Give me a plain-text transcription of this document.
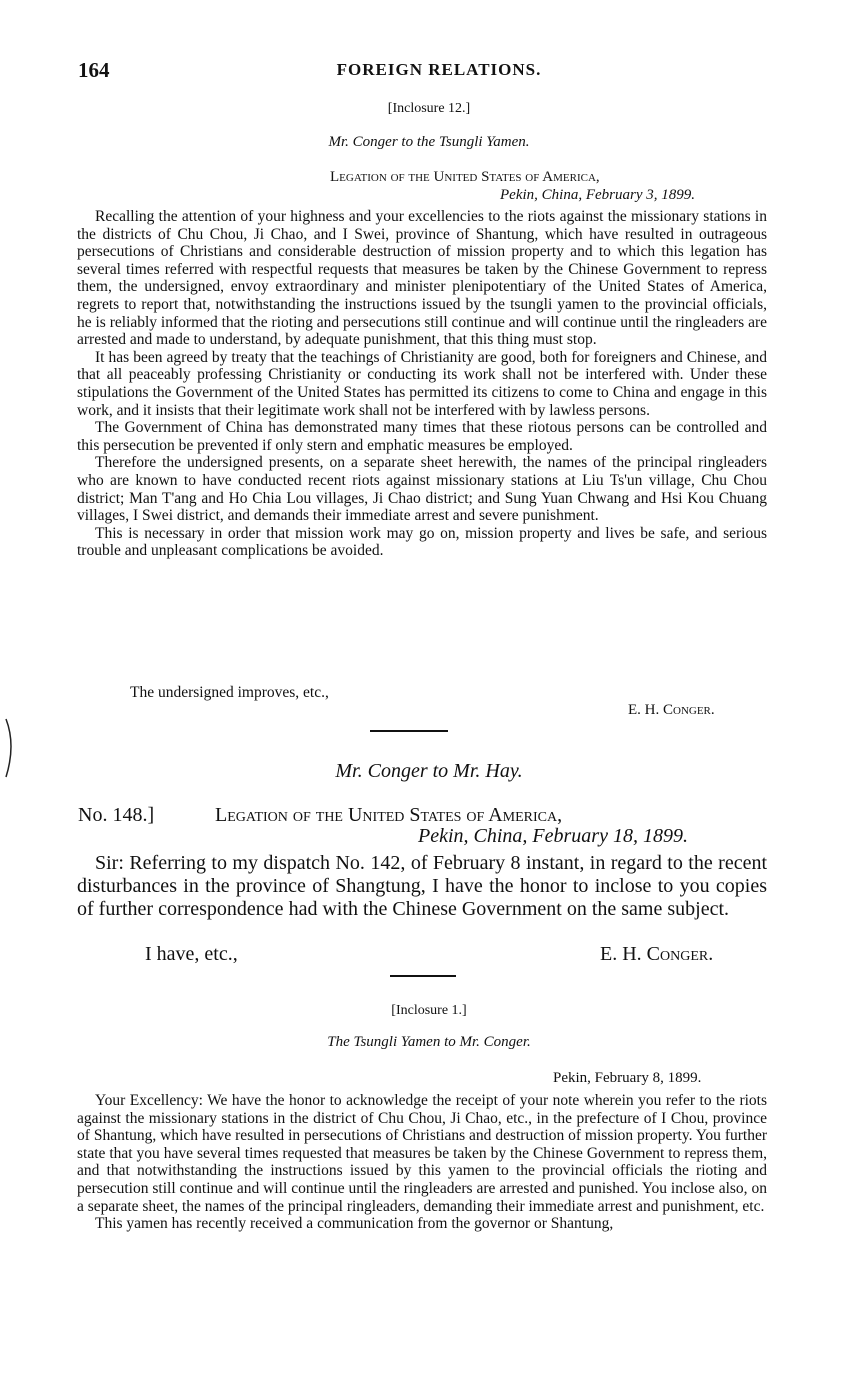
164	FOREIGN RELATIONS.
[Inclosure 12.]
Mr. Conger to the Tsungli Yamen.
Legation of the United States of America,
Pekin, China, February 3, 1899.

Recalling the attention of your highness and your excellencies to the riots against the missionary stations in the districts of Chu Chou, Ji Chao, and I Swei, province of Shantung, which have resulted in outrageous persecutions of Christians and considerable destruction of mission property and to which this legation has several times referred with respectful requests that measures be taken by the Chinese Government to repress them, the undersigned, envoy extraordinary and minister plenipotentiary of the United States of America, regrets to report that, notwithstanding the instructions issued by the tsungli yamen to the provincial officials, he is reliably informed that the rioting and persecutions still continue and will continue until the ringleaders are arrested and made to understand, by adequate punishment, that this thing must stop.

It has been agreed by treaty that the teachings of Christianity are good, both for foreigners and Chinese, and that all peaceably professing Christianity or conducting its work shall not be interfered with. Under these stipulations the Government of the United States has permitted its citizens to come to China and engage in this work, and it insists that their legitimate work shall not be interfered with by lawless persons.

The Government of China has demonstrated many times that these riotous persons can be controlled and this persecution be prevented if only stern and emphatic measures be employed.

Therefore the undersigned presents, on a separate sheet herewith, the names of the principal ringleaders who are known to have conducted recent riots against missionary stations at Liu Ts'un village, Chu Chou district; Man T'ang and Ho Chia Lou villages, Ji Chao district; and Sung Yuan Chwang and Hsi Kou Chuang villages, I Swei district, and demands their immediate arrest and severe punishment.

This is necessary in order that mission work may go on, mission property and lives be safe, and serious trouble and unpleasant complications be avoided.

The undersigned improves, etc.,
E. H. Conger.
Mr. Conger to Mr. Hay.
No. 148.]	Legation of the United States of America,
Pekin, China, February 18, 1899.

Sir: Referring to my dispatch No. 142, of February 8 instant, in regard to the recent disturbances in the province of Shangtung, I have the honor to inclose to you copies of further correspondence had with the Chinese Government on the same subject.

I have, etc.,	E. H. Conger.
[Inclosure 1.]
The Tsungli Yamen to Mr. Conger.
Pekin, February 8, 1899.

Your Excellency: We have the honor to acknowledge the receipt of your note wherein you refer to the riots against the missionary stations in the district of Chu Chou, Ji Chao, etc., in the prefecture of I Chou, province of Shantung, which have resulted in persecutions of Christians and destruction of mission property. You further state that you have several times requested that measures be taken by the Chinese Government to repress them, and that notwithstanding the instructions issued by this yamen to the provincial officials the rioting and persecution still continue and will continue until the ringleaders are arrested and punished. You inclose also, on a separate sheet, the names of the principal ringleaders, demanding their immediate arrest and punishment, etc.

This yamen has recently received a communication from the governor or Shantung,
